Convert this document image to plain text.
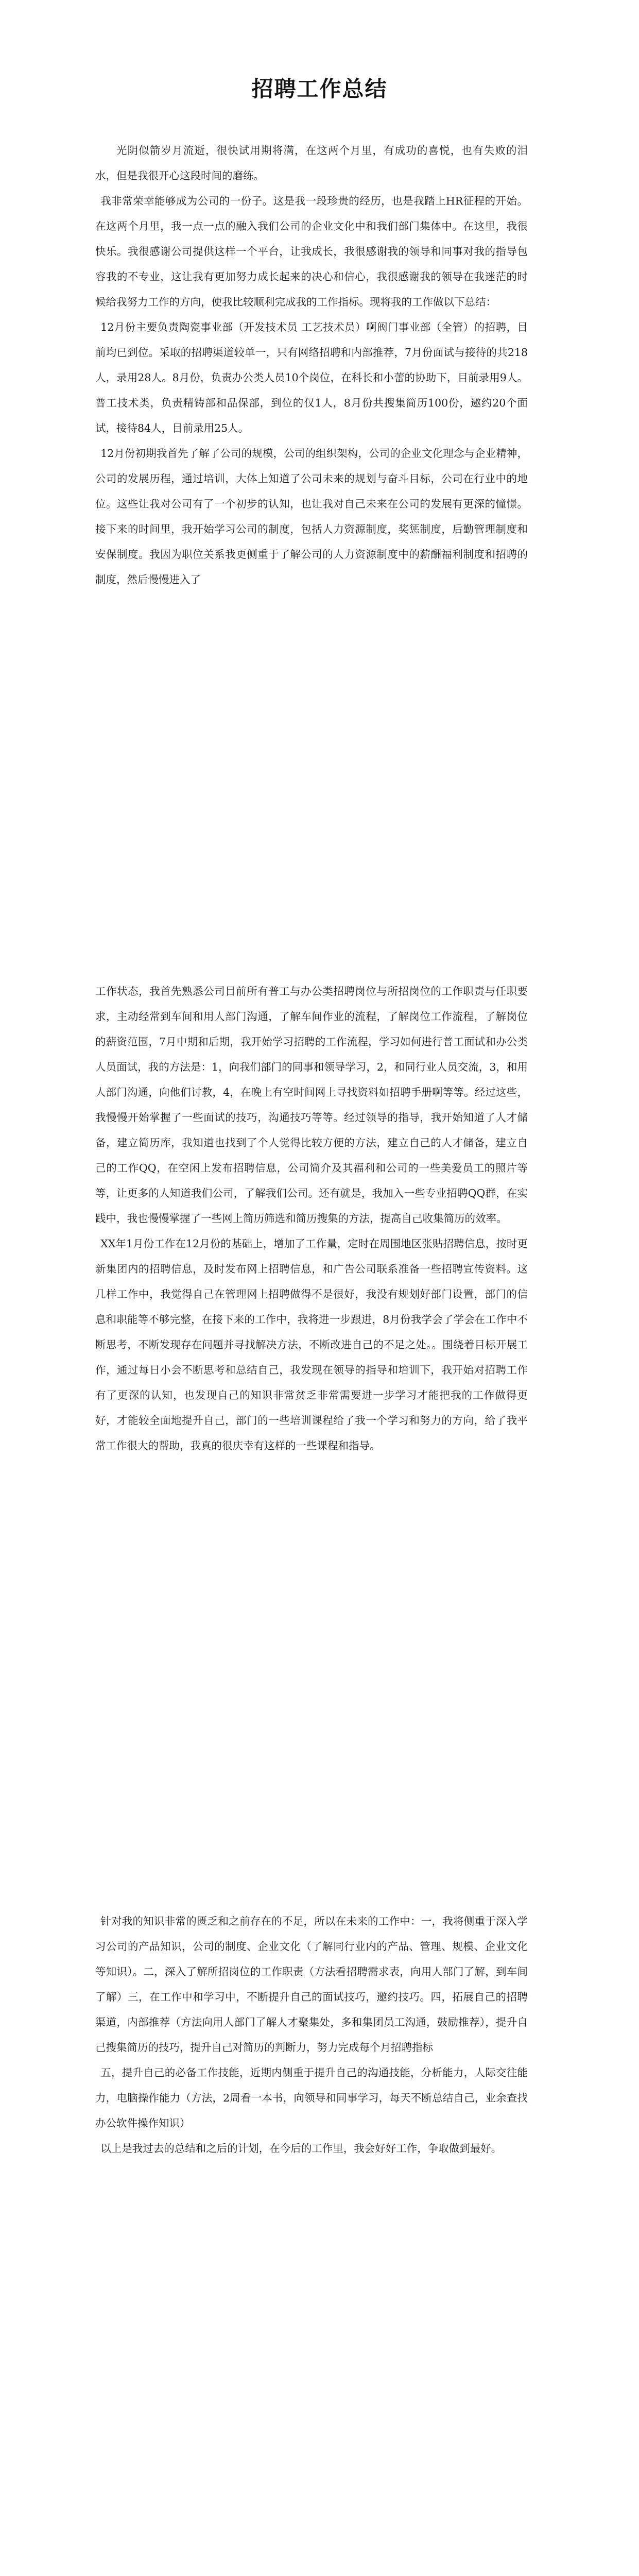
招聘工作总结

光阴似箭岁月流逝，很快试用期将满，在这两个月里，有成功的喜悦，也有失败的泪水，但是我很开心这段时间的磨练。

我非常荣幸能够成为公司的一份子。这是我一段珍贵的经历，也是我踏上HR征程的开始。在这两个月里，我一点一点的融入我们公司的企业文化中和我们部门集体中。在这里，我很快乐。我很感谢公司提供这样一个平台，让我成长，我很感谢我的领导和同事对我的指导包容我的不专业，这让我有更加努力成长起来的决心和信心，我很感谢我的领导在我迷茫的时候给我努力工作的方向，使我比较顺利完成我的工作指标。现将我的工作做以下总结：

12月份主要负责陶瓷事业部（开发技术员 工艺技术员）啊阀门事业部（全管）的招聘，目前均已到位。采取的招聘渠道较单一，只有网络招聘和内部推荐，7月份面试与接待的共218人，录用28人。8月份，负责办公类人员10个岗位，在科长和小蕾的协助下，目前录用9人。普工技术类，负责精铸部和品保部，到位的仅1人，8月份共搜集简历100份，邀约20个面试，接待84人，目前录用25人。

12月份初期我首先了解了公司的规模，公司的组织架构，公司的企业文化理念与企业精神，公司的发展历程，通过培训，大体上知道了公司未来的规划与奋斗目标，公司在行业中的地位。这些让我对公司有了一个初步的认知，也让我对自己未来在公司的发展有更深的憧憬。接下来的时间里，我开始学习公司的制度，包括人力资源制度，奖惩制度，后勤管理制度和安保制度。我因为职位关系我更侧重于了解公司的人力资源制度中的薪酬福利制度和招聘的制度，然后慢慢进入了

工作状态，我首先熟悉公司目前所有普工与办公类招聘岗位与所招岗位的工作职责与任职要求，主动经常到车间和用人部门沟通，了解车间作业的流程，了解岗位工作流程，了解岗位的薪资范围，7月中期和后期，我开始学习招聘的工作流程，学习如何进行普工面试和办公类人员面试，我的方法是：1，向我们部门的同事和领导学习，2，和同行业人员交流，3，和用人部门沟通，向他们讨教，4，在晚上有空时间网上寻找资料如招聘手册啊等等。经过这些，我慢慢开始掌握了一些面试的技巧，沟通技巧等等。经过领导的指导，我开始知道了人才储备，建立简历库，我知道也找到了个人觉得比较方便的方法，建立自己的人才储备，建立自己的工作QQ，在空闲上发布招聘信息，公司简介及其福利和公司的一些美爱员工的照片等等，让更多的人知道我们公司，了解我们公司。还有就是，我加入一些专业招聘QQ群，在实践中，我也慢慢掌握了一些网上简历筛选和简历搜集的方法，提高自己收集简历的效率。

XX年1月份工作在12月份的基础上，增加了工作量，定时在周围地区张贴招聘信息，按时更新集团内的招聘信息，及时发布网上招聘信息，和广告公司联系准备一些招聘宣传资料。这几样工作中，我觉得自己在管理网上招聘做得不是很好，我没有规划好部门设置，部门的信息和职能等不够完整，在接下来的工作中，我将进一步跟进，8月份我学会了学会在工作中不断思考，不断发现存在问题并寻找解决方法，不断改进自己的不足之处。。围绕着目标开展工作，通过每日小会不断思考和总结自己，我发现在领导的指导和培训下，我开始对招聘工作有了更深的认知，也发现自己的知识非常贫乏非常需要进一步学习才能把我的工作做得更好，才能较全面地提升自己，部门的一些培训课程给了我一个学习和努力的方向，给了我平常工作很大的帮助，我真的很庆幸有这样的一些课程和指导。

针对我的知识非常的匮乏和之前存在的不足，所以在未来的工作中：一，我将侧重于深入学习公司的产品知识，公司的制度、企业文化（了解同行业内的产品、管理、规模、企业文化等知识）。二，深入了解所招岗位的工作职责（方法看招聘需求表，向用人部门了解，到车间了解）三，在工作中和学习中，不断提升自己的面试技巧，邀约技巧。四，拓展自己的招聘渠道，内部推荐（方法向用人部门了解人才聚集处，多和集团员工沟通，鼓励推荐），提升自己搜集简历的技巧，提升自己对简历的判断力，努力完成每个月招聘指标

五，提升自己的必备工作技能，近期内侧重于提升自己的沟通技能，分析能力，人际交往能力，电脑操作能力（方法，2周看一本书，向领导和同事学习，每天不断总结自己，业余查找办公软件操作知识）

以上是我过去的总结和之后的计划，在今后的工作里，我会好好工作，争取做到最好。
